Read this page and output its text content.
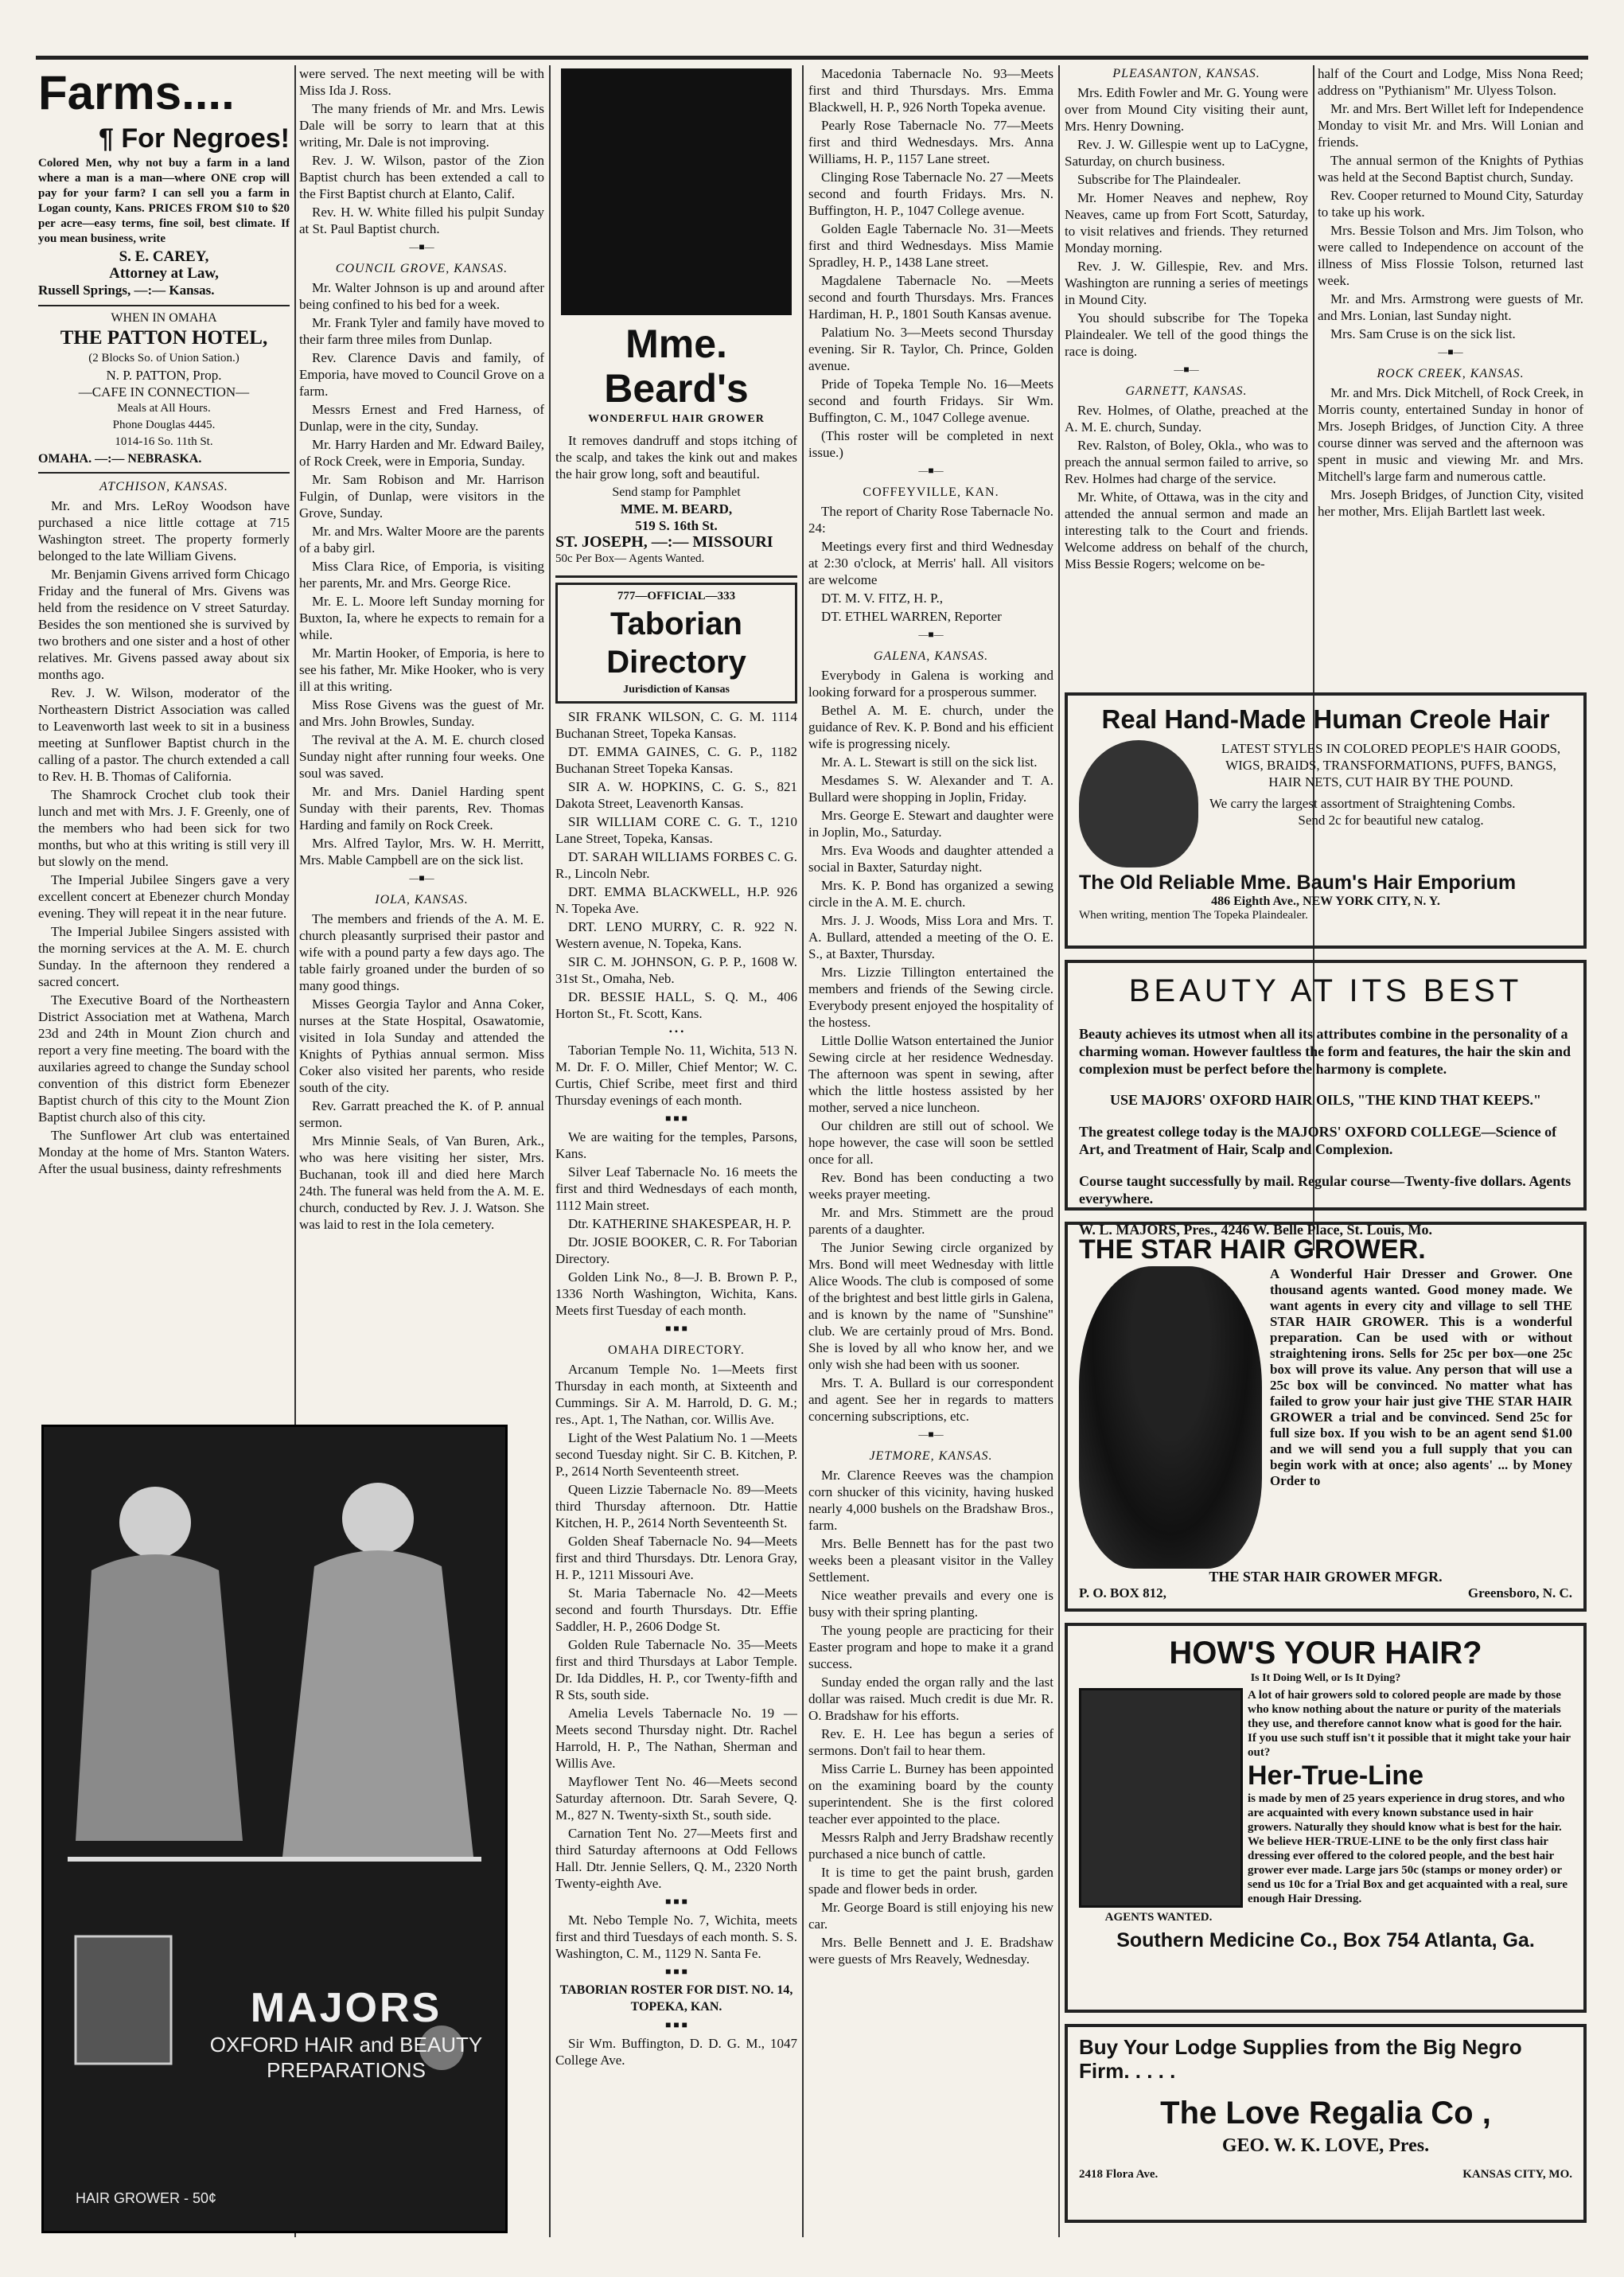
Farms....
¶ For Negroes!

Colored Men, why not buy a farm in a land where a man is a man—where ONE crop will pay for your farm? I can sell you a farm in Logan county, Kans. PRICES FROM $10 to $20 per acre—easy terms, fine soil, best climate. If you mean business, write

S. E. CAREY,
Attorney at Law,
Russell Springs, —:— Kansas.
WHEN IN OMAHA
THE PATTON HOTEL,
(2 Blocks So. of Union Sation.)
N. P. PATTON, Prop.
—CAFE IN CONNECTION—
Meals at All Hours.
Phone Douglas 4445.
1014-16 So. 11th St.
OMAHA. —:— NEBRASKA.
ATCHISON, KANSAS.

Mr. and Mrs. LeRoy Woodson have purchased a nice little cottage at 715 Washington street. The property formerly belonged to the late William Givens.

Mr. Benjamin Givens arrived form Chicago Friday and the funeral of Mrs. Givens was held from the residence on V street Saturday. Besides the son mentioned she is survived by two brothers and one sister and a host of other relatives. Mr. Givens passed away about six months ago.

Rev. J. W. Wilson, moderator of the Northeastern District Association was called to Leavenworth last week to sit in a business meeting at Sunflower Baptist church in the calling of a pastor. The church extended a call to Rev. H. B. Thomas of California.

The Shamrock Crochet club took their lunch and met with Mrs. J. F. Greenly, one of the members who had been sick for two months, but who at this writing is still very ill but slowly on the mend.

The Imperial Jubilee Singers gave a very excellent concert at Ebenezer church Monday evening. They will repeat it in the near future.

The Imperial Jubilee Singers assisted with the morning services at the A. M. E. church Sunday. In the afternoon they rendered a sacred concert.

The Executive Board of the Northeastern District Association met at Wathena, March 23d and 24th in Mount Zion church and report a very fine meeting. The board with the auxilaries agreed to change the Sunday school convention of this district form Ebenezer Baptist church of this city to the Mount Zion Baptist church also of this city.

The Sunflower Art club was entertained Monday at the home of Mrs. Stanton Waters. After the usual business, dainty refreshments

MAJORS
OXFORD HAIR and BEAUTY PREPARATIONS
HAIR GROWER - 50¢

were served. The next meeting will be with Miss Ida J. Ross.

The many friends of Mr. and Mrs. Lewis Dale will be sorry to learn that at this writing, Mr. Dale is not improving.

Rev. J. W. Wilson, pastor of the Zion Baptist church has been extended a call to the First Baptist church at Elanto, Calif.

Rev. H. W. White filled his pulpit Sunday at St. Paul Baptist church.

—■—
COUNCIL GROVE, KANSAS.

Mr. Walter Johnson is up and around after being confined to his bed for a week.

Mr. Frank Tyler and family have moved to their farm three miles from Dunlap.

Rev. Clarence Davis and family, of Emporia, have moved to Council Grove on a farm.

Messrs Ernest and Fred Harness, of Dunlap, were in the city, Sunday.

Mr. Harry Harden and Mr. Edward Bailey, of Rock Creek, were in Emporia, Sunday.

Mr. Sam Robison and Mr. Harrison Fulgin, of Dunlap, were visitors in the Grove, Sunday.

Mr. and Mrs. Walter Moore are the parents of a baby girl.

Miss Clara Rice, of Emporia, is visiting her parents, Mr. and Mrs. George Rice.

Mr. E. L. Moore left Sunday morning for Buxton, Ia, where he expects to remain for a while.

Mr. Martin Hooker, of Emporia, is here to see his father, Mr. Mike Hooker, who is very ill at this writing.

Miss Rose Givens was the guest of Mr. and Mrs. John Browles, Sunday.

The revival at the A. M. E. church closed Sunday night after running four weeks. One soul was saved.

Mr. and Mrs. Daniel Harding spent Sunday with their parents, Rev. Thomas Harding and family on Rock Creek.

Mrs. Alfred Taylor, Mrs. W. H. Merritt, Mrs. Mable Campbell are on the sick list.

—■—
IOLA, KANSAS.

The members and friends of the A. M. E. church pleasantly surprised their pastor and wife with a pound party a few days ago. The table fairly groaned under the burden of so many good things.

Misses Georgia Taylor and Anna Coker, nurses at the State Hospital, Osawatomie, visited in Iola Sunday and attended the Knights of Pythias annual sermon. Miss Coker also visited her parents, who reside south of the city.

Rev. Garratt preached the K. of P. annual sermon.

Mrs Minnie Seals, of Van Buren, Ark., who was here visiting her sister, Mrs. Buchanan, took ill and died here March 24th. The funeral was held from the A. M. E. church, conducted by Rev. J. J. Watson. She was laid to rest in the Iola cemetery.

Mme. Beard's
WONDERFUL HAIR GROWER

It removes dandruff and stops itching of the scalp, and takes the kink out and makes the hair grow long, soft and beautiful.

Send stamp for Pamphlet
MME. M. BEARD,
519 S. 16th St.
ST. JOSEPH, —:— MISSOURI
50c Per Box— Agents Wanted.
777—OFFICIAL—333
Taborian Directory
Jurisdiction of Kansas

SIR FRANK WILSON, C. G. M. 1114 Buchanan Street, Topeka Kansas.

DT. EMMA GAINES, C. G. P., 1182 Buchanan Street Topeka Kansas.

SIR A. W. HOPKINS, C. G. S., 821 Dakota Street, Leavenorth Kansas.

SIR WILLIAM CORE C. G. T., 1210 Lane Street, Topeka, Kansas.

DT. SARAH WILLIAMS FORBES C. G. R., Lincoln Nebr.

DRT. EMMA BLACKWELL, H.P. 926 N. Topeka Ave.

DRT. LENO MURRY, C. R. 922 N. Western avenue, N. Topeka, Kans.

SIR C. M. JOHNSON, G. P. P., 1608 W. 31st St., Omaha, Neb.

DR. BESSIE HALL, S. Q. M., 406 Horton St., Ft. Scott, Kans.

• • •

Taborian Temple No. 11, Wichita, 513 N. M. Dr. F. O. Miller, Chief Mentor; W. C. Curtis, Chief Scribe, meet first and third Thursday evenings of each month.

■ ■ ■

We are waiting for the temples, Parsons, Kans.

Silver Leaf Tabernacle No. 16 meets the first and third Wednesdays of each month, 1112 Main street.

Dtr. KATHERINE SHAKESPEAR, H. P.

Dtr. JOSIE BOOKER, C. R. For Taborian Directory.

Golden Link No., 8—J. B. Brown P. P., 1336 North Washington, Wichita, Kans. Meets first Tuesday of each month.

■ ■ ■
OMAHA DIRECTORY.

Arcanum Temple No. 1—Meets first Thursday in each month, at Sixteenth and Cummings. Sir A. M. Harrold, D. G. M.; res., Apt. 1, The Nathan, cor. Willis Ave.

Light of the West Palatium No. 1 —Meets second Tuesday night. Sir C. B. Kitchen, P. P., 2614 North Seventeenth street.

Queen Lizzie Tabernacle No. 89—Meets third Thursday afternoon. Dtr. Hattie Kitchen, H. P., 2614 North Seventeenth St.

Golden Sheaf Tabernacle No. 94—Meets first and third Thursdays. Dtr. Lenora Gray, H. P., 1211 Missouri Ave.

St. Maria Tabernacle No. 42—Meets second and fourth Thursdays. Dtr. Effie Saddler, H. P., 2606 Dodge St.

Golden Rule Tabernacle No. 35—Meets first and third Thursdays at Labor Temple. Dr. Ida Diddles, H. P., cor Twenty-fifth and R Sts, south side.

Amelia Levels Tabernacle No. 19 —Meets second Thursday night. Dtr. Rachel Harrold, H. P., The Nathan, Sherman and Willis Ave.

Mayflower Tent No. 46—Meets second Saturday afternoon. Dtr. Sarah Severe, Q. M., 827 N. Twenty-sixth St., south side.

Carnation Tent No. 27—Meets first and third Saturday afternoons at Odd Fellows Hall. Dtr. Jennie Sellers, Q. M., 2320 North Twenty-eighth Ave.

■ ■ ■

Mt. Nebo Temple No. 7, Wichita, meets first and third Tuesdays of each month. S. S. Washington, C. M., 1129 N. Santa Fe.

■ ■ ■
TABORIAN ROSTER FOR DIST. NO. 14, TOPEKA, KAN.
■ ■ ■

Sir Wm. Buffington, D. D. G. M., 1047 College Ave.

Macedonia Tabernacle No. 93—Meets first and third Thursdays. Mrs. Emma Blackwell, H. P., 926 North Topeka avenue.

Pearly Rose Tabernacle No. 77—Meets first and third Wednesdays. Mrs. Anna Williams, H. P., 1157 Lane street.

Clinging Rose Tabernacle No. 27 —Meets second and fourth Fridays. Mrs. N. Buffington, H. P., 1047 College avenue.

Golden Eagle Tabernacle No. 31—Meets first and third Wednesdays. Miss Mamie Spradley, H. P., 1438 Lane street.

Magdalene Tabernacle No. —Meets second and fourth Thursdays. Mrs. Frances Hardiman, H. P., 1801 South Kansas avenue.

Palatium No. 3—Meets second Thursday evening. Sir R. Taylor, Ch. Prince, Golden avenue.

Pride of Topeka Temple No. 16—Meets second and fourth Fridays. Sir Wm. Buffington, C. M., 1047 College avenue.

(This roster will be completed in next issue.)

—■—
COFFEYVILLE, KAN.

The report of Charity Rose Tabernacle No. 24:

Meetings every first and third Wednesday at 2:30 o'clock, at Merris' hall. All visitors are welcome

DT. M. V. FITZ, H. P.,

DT. ETHEL WARREN, Reporter

—■—
GALENA, KANSAS.

Everybody in Galena is working and looking forward for a prosperous summer.

Bethel A. M. E. church, under the guidance of Rev. K. P. Bond and his efficient wife is progressing nicely.

Mr. A. L. Stewart is still on the sick list.

Mesdames S. W. Alexander and T. A. Bullard were shopping in Joplin, Friday.

Mrs. George E. Stewart and daughter were in Joplin, Mo., Saturday.

Mrs. Eva Woods and daughter attended a social in Baxter, Saturday night.

Mrs. K. P. Bond has organized a sewing circle in the A. M. E. church.

Mrs. J. J. Woods, Miss Lora and Mrs. T. A. Bullard, attended a meeting of the O. E. S., at Baxter, Thursday.

Mrs. Lizzie Tillington entertained the members and friends of the Sewing circle. Everybody present enjoyed the hospitality of the hostess.

Little Dollie Watson entertained the Junior Sewing circle at her residence Wednesday. The afternoon was spent in sewing, after which the little hostess assisted by her mother, served a nice luncheon.

Our children are still out of school. We hope however, the case will soon be settled once for all.

Rev. Bond has been conducting a two weeks prayer meeting.

Mr. and Mrs. Stimmett are the proud parents of a daughter.

The Junior Sewing circle organized by Mrs. Bond will meet Wednesday with little Alice Woods. The club is composed of some of the brightest and best little girls in Galena, and is known by the name of "Sunshine" club. We are certainly proud of Mrs. Bond. She is loved by all who know her, and we only wish she had been with us sooner.

Mrs. T. A. Bullard is our correspondent and agent. See her in regards to matters concerning subscriptions, etc.

—■—
JETMORE, KANSAS.

Mr. Clarence Reeves was the champion corn shucker of this vicinity, having husked nearly 4,000 bushels on the Bradshaw Bros., farm.

Mrs. Belle Bennett has for the past two weeks been a pleasant visitor in the Valley Settlement.

Nice weather prevails and every one is busy with their spring planting.

The young people are practicing for their Easter program and hope to make it a grand success.

Sunday ended the organ rally and the last dollar was raised. Much credit is due Mr. R. O. Bradshaw for his efforts.

Rev. E. H. Lee has begun a series of sermons. Don't fail to hear them.

Miss Carrie L. Burney has been appointed on the examining board by the county superintendent. She is the first colored teacher ever appointed to the place.

Messrs Ralph and Jerry Bradshaw recently purchased a nice bunch of cattle.

It is time to get the paint brush, garden spade and flower beds in order.

Mr. George Board is still enjoying his new car.

Mrs. Belle Bennett and J. E. Bradshaw were guests of Mrs Reavely, Wednesday.

PLEASANTON, KANSAS.

Mrs. Edith Fowler and Mr. G. Young were over from Mound City visiting their aunt, Mrs. Henry Downing.

Rev. J. W. Gillespie went up to LaCygne, Saturday, on church business.

Subscribe for The Plaindealer.

Mr. Homer Neaves and nephew, Roy Neaves, came up from Fort Scott, Saturday, to visit relatives and friends. They returned Monday morning.

Rev. J. W. Gillespie, Rev. and Mrs. Washington are running a series of meetings in Mound City.

You should subscribe for The Topeka Plaindealer. We tell of the good things the race is doing.

—■—
GARNETT, KANSAS.

Rev. Holmes, of Olathe, preached at the A. M. E. church, Sunday.

Rev. Ralston, of Boley, Okla., who was to preach the annual sermon failed to arrive, so Rev. Holmes had charge of the service.

Mr. White, of Ottawa, was in the city and attended the annual sermon and made an interesting talk to the Court and friends. Welcome address on behalf of the church, Miss Bessie Rogers; welcome on be-

half of the Court and Lodge, Miss Nona Reed; address on "Pythianism" Mr. Ulyess Tolson.

Mr. and Mrs. Bert Willet left for Independence Monday to visit Mr. and Mrs. Will Lonian and friends.

The annual sermon of the Knights of Pythias was held at the Second Baptist church, Sunday.

Rev. Cooper returned to Mound City, Saturday to take up his work.

Mrs. Bessie Tolson and Mrs. Jim Tolson, who were called to Independence on account of the illness of Miss Flossie Tolson, returned last week.

Mr. and Mrs. Armstrong were guests of Mr. and Mrs. Lonian, last Sunday night.

Mrs. Sam Cruse is on the sick list.

—■—
ROCK CREEK, KANSAS.

Mr. and Mrs. Dick Mitchell, of Rock Creek, in Morris county, entertained Sunday in honor of Mrs. Joseph Bridges, of Junction City. A three course dinner was served and the afternoon was spent in music and viewing Mr. and Mrs. Mitchell's large farm and numerous cattle.

Mrs. Joseph Bridges, of Junction City, visited her mother, Mrs. Elijah Bartlett last week.

Real Hand-Made Human Creole Hair
LATEST STYLES IN COLORED PEOPLE'S HAIR GOODS, WIGS, BRAIDS, TRANSFORMATIONS, PUFFS, BANGS, HAIR NETS, CUT HAIR BY THE POUND.
We carry the largest assortment of Straightening Combs.
Send 2c for beautiful new catalog.
The Old Reliable Mme. Baum's Hair Emporium
486 Eighth Ave., NEW YORK CITY, N. Y.
When writing, mention The Topeka Plaindealer.
BEAUTY AT ITS BEST

Beauty achieves its utmost when all its attributes combine in the personality of a charming woman. However faultless the form and features, the hair the skin and complexion must be perfect before the harmony is complete.

USE MAJORS' OXFORD HAIR OILS, "THE KIND THAT KEEPS."

The greatest college today is the MAJORS' OXFORD COLLEGE—Science of Art, and Treatment of Hair, Scalp and Complexion.

Course taught successfully by mail. Regular course—Twenty-five dollars. Agents everywhere.

W. L. MAJORS, Pres., 4246 W. Belle Place, St. Louis, Mo.
THE STAR HAIR GROWER.
A Wonderful Hair Dresser and Grower. One thousand agents wanted. Good money made. We want agents in every city and village to sell THE STAR HAIR GROWER. This is a wonderful preparation. Can be used with or without straightening irons. Sells for 25c per box—one 25c box will prove its value. Any person that will use a 25c box will be convinced. No matter what has failed to grow your hair just give THE STAR HAIR GROWER a trial and be convinced. Send 25c for full size box. If you wish to be an agent send $1.00 and we will send you a full supply that you can begin work with at once; also agents' ... by Money Order to
THE STAR HAIR GROWER MFGR.
P. O. BOX 812,	Greensboro, N. C.
HOW'S YOUR HAIR?
Is It Doing Well, or Is It Dying?
AGENTS WANTED.
A lot of hair growers sold to colored people are made by those who know nothing about the nature or purity of the materials they use, and therefore cannot know what is good for the hair. If you use such stuff isn't it possible that it might take your hair out?
Her-True-Line
is made by men of 25 years experience in drug stores, and who are acquainted with every known substance used in hair growers. Naturally they should know what is best for the hair. We believe HER-TRUE-LINE to be the only first class hair dressing ever offered to the colored people, and the best hair grower ever made. Large jars 50c (stamps or money order) or send us 10c for a Trial Box and get acquainted with a real, sure enough Hair Dressing.
Southern Medicine Co., Box 754 Atlanta, Ga.
Buy Your Lodge Supplies from the Big Negro Firm. . . . .
The Love Regalia Co ,
GEO. W. K. LOVE, Pres.
2418 Flora Ave.	KANSAS CITY, MO.
